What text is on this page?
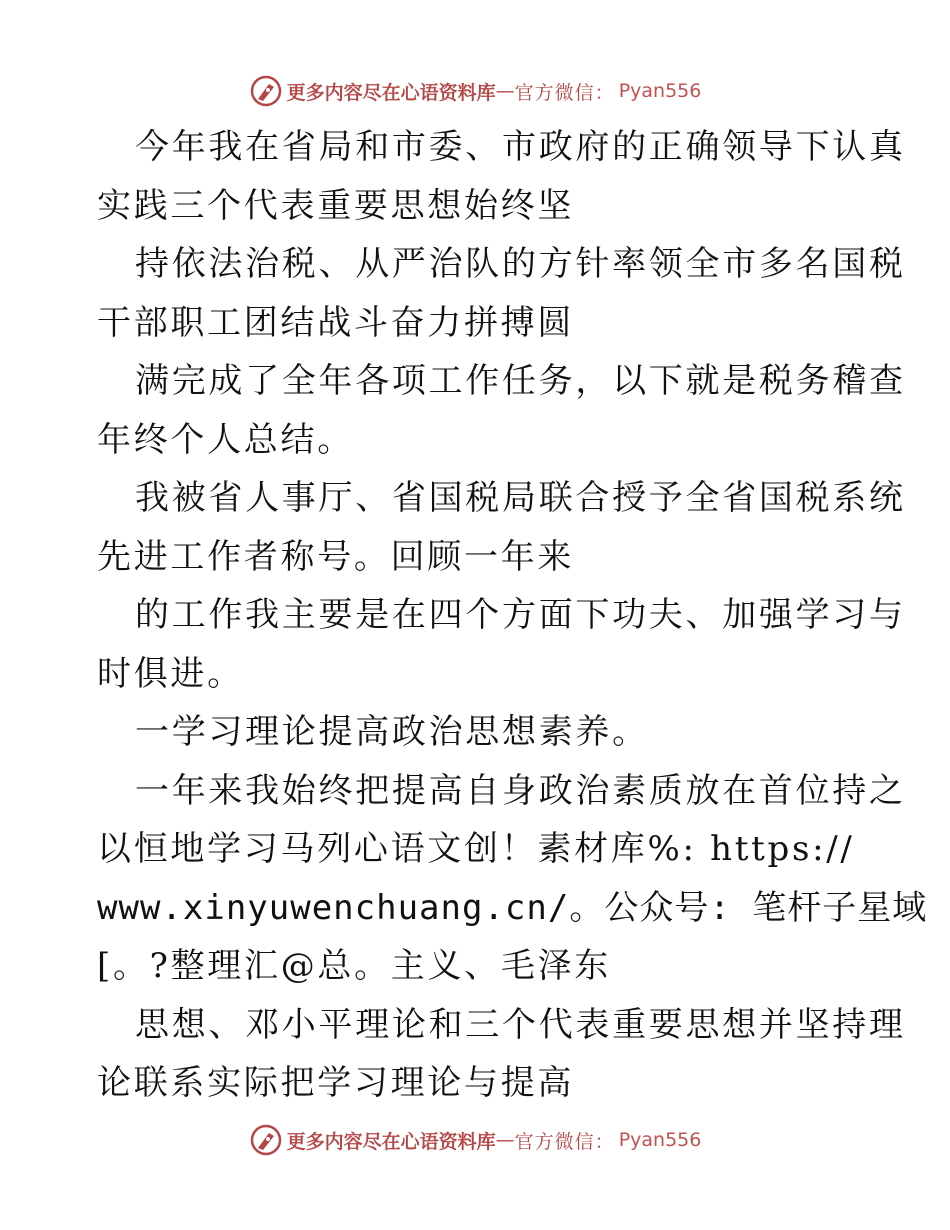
更多内容尽在心语资料库 — 官方微信： Pyan556
今年我在省局和市委、市政府的正确领导下认真
实践三个代表重要思想始终坚
持依法治税、从严治队的方针率领全市多名国税
干部职工团结战斗奋力拼搏圆
满完成了全年各项工作任务，以下就是税务稽查
年终个人总结。
我被省人事厅、省国税局联合授予全省国税系统
先进工作者称号。回顾一年来
的工作我主要是在四个方面下功夫、加强学习与
时俱进。
一学习理论提高政治思想素养。
一年来我始终把提高自身政治素质放在首位持之
以恒地学习马列心语文创！素材库%: https://
www.xinyuwenchuang.cn/。公众号: 笔杆子星域
[。?整理汇@总。主义、毛泽东
思想、邓小平理论和三个代表重要思想并坚持理
论联系实际把学习理论与提高
更多内容尽在心语资料库 — 官方微信： Pyan556
